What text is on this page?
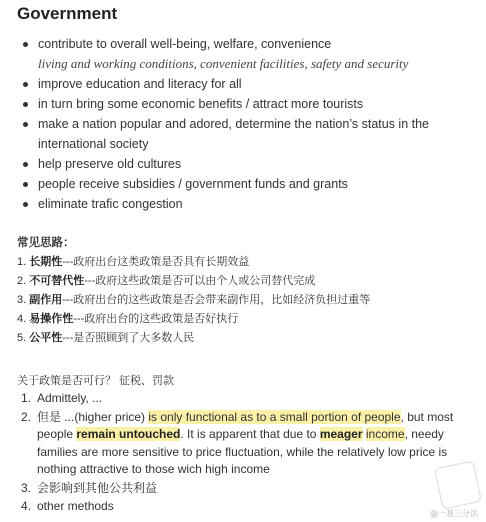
Government
contribute to overall well-being, welfare, convenience
living and working conditions, convenient facilities, safety and security
improve education and literacy for all
in turn bring some economic benefits / attract more tourists
make a nation popular and adored, determine the nation’s status in the international society
help preserve old cultures
people receive subsidies / government funds and grants
eliminate trafic congestion

常见思路：

1. 长期性---政府出台这类政策是否具有长期效益
2. 不可替代性---政府这些政策是否可以由个人或公司替代完成
3. 副作用---政府出台的这些政策是否会带来副作用，比如经济负担过重等
4. 易操作性---政府出台的这些政策是否好执行
5. 公平性---是否照顾到了大多数人民

关于政策是否可行？ 征税、罚款

1. Admittely, ...
2. 但是 ...(higher price) is only functional as to a small portion of people, but most people remain untouched. It is apparent that due to meager income, needy families are more sensitive to price fluctuation, while the relatively low price is nothing attractive to those wich high income
3. 会影响到其他公共利益
4. other methods
@一基三分法
